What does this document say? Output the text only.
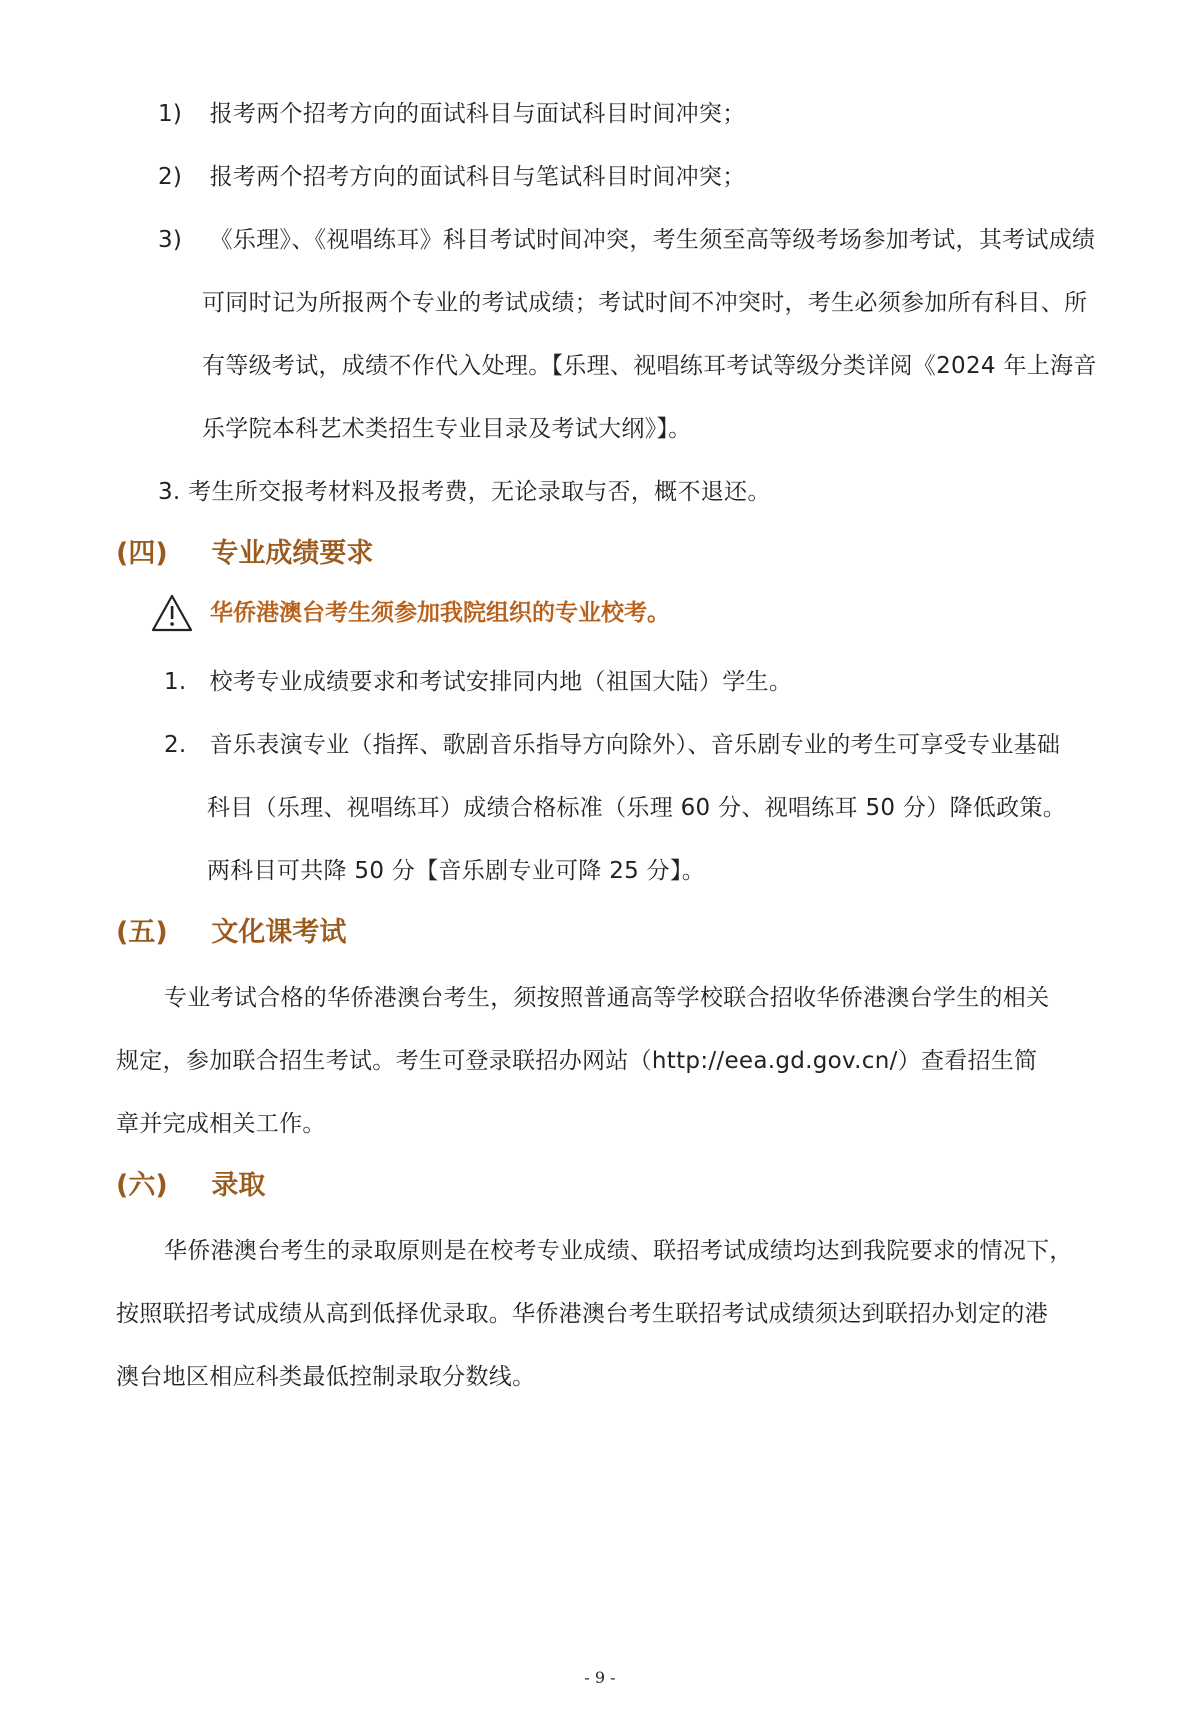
1) 报考两个招考方向的面试科目与面试科目时间冲突；
2) 报考两个招考方向的面试科目与笔试科目时间冲突；
3) 《乐理》、《视唱练耳》科目考试时间冲突，考生须至高等级考场参加考试，其考试成绩
可同时记为所报两个专业的考试成绩；考试时间不冲突时，考生必须参加所有科目、所
有等级考试，成绩不作代入处理。【乐理、视唱练耳考试等级分类详阅《2024 年上海音
乐学院本科艺术类招生专业目录及考试大纲》】。
3. 考生所交报考材料及报考费，无论录取与否，概不退还。
(四) 专业成绩要求
华侨港澳台考生须参加我院组织的专业校考。
1. 校考专业成绩要求和考试安排同内地（祖国大陆）学生。
2. 音乐表演专业（指挥、歌剧音乐指导方向除外）、音乐剧专业的考生可享受专业基础
科目（乐理、视唱练耳）成绩合格标准（乐理 60 分、视唱练耳 50 分）降低政策。
两科目可共降 50 分【音乐剧专业可降 25 分】。
(五) 文化课考试
专业考试合格的华侨港澳台考生，须按照普通高等学校联合招收华侨港澳台学生的相关
规定，参加联合招生考试。考生可登录联招办网站（http://eea.gd.gov.cn/）查看招生简
章并完成相关工作。
(六) 录取
华侨港澳台考生的录取原则是在校考专业成绩、联招考试成绩均达到我院要求的情况下，
按照联招考试成绩从高到低择优录取。华侨港澳台考生联招考试成绩须达到联招办划定的港
澳台地区相应科类最低控制录取分数线。
- 9 -
